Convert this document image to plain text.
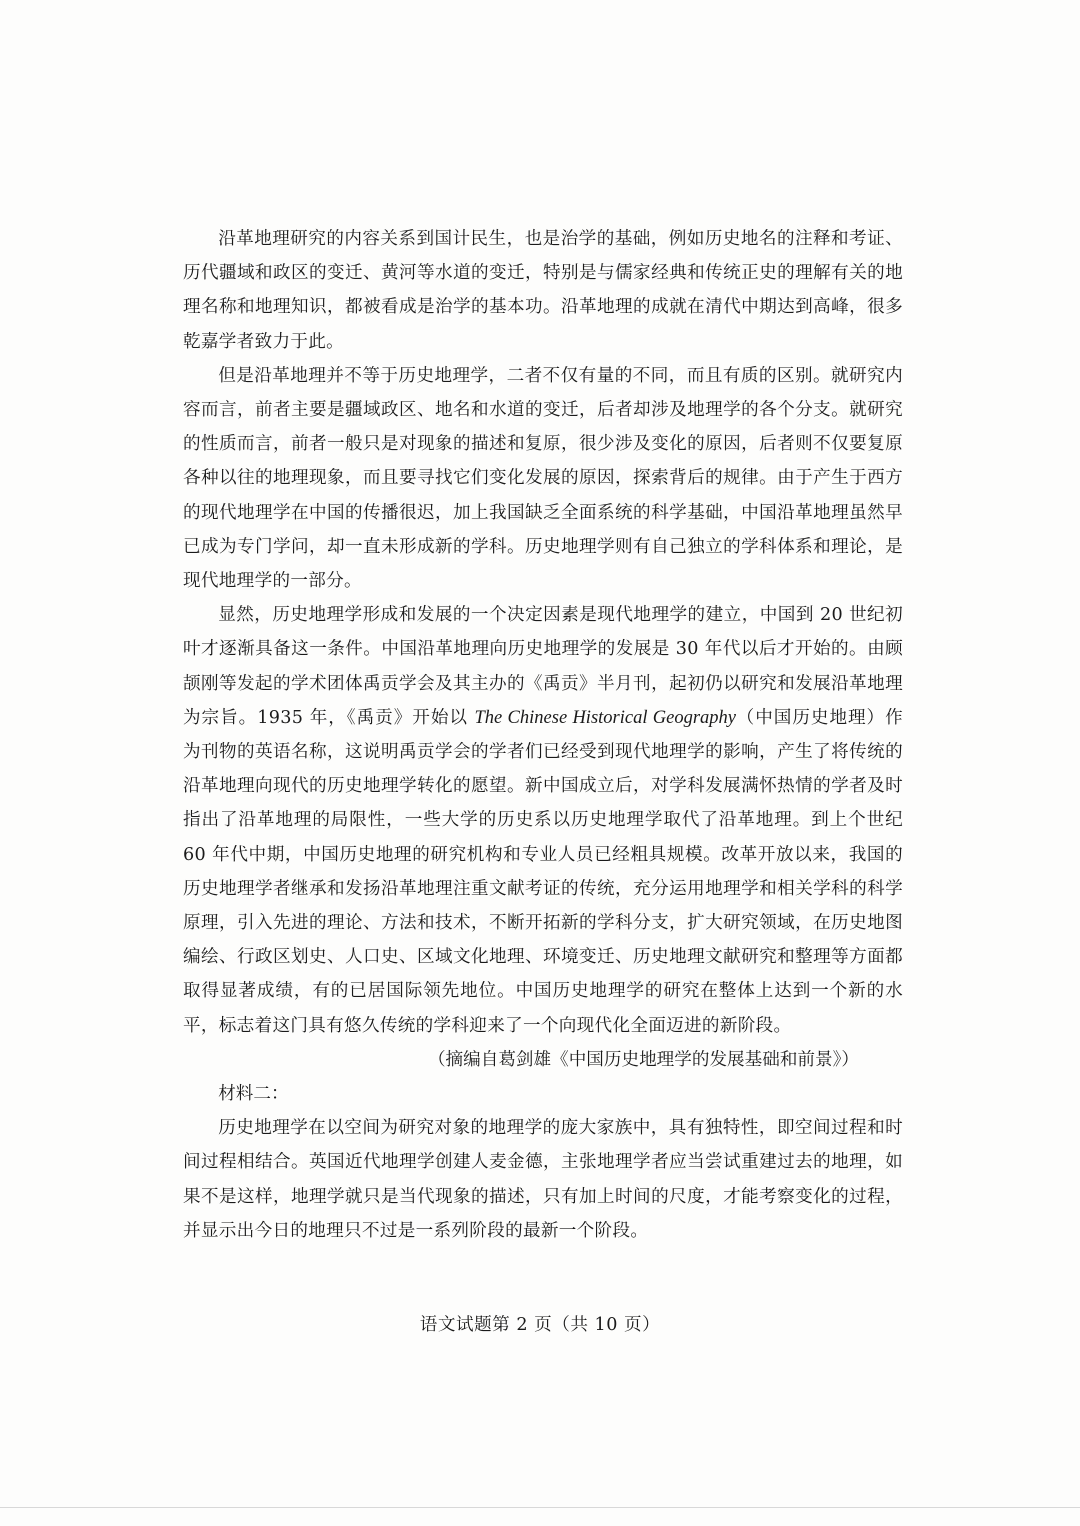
沿革地理研究的内容关系到国计民生，也是治学的基础，例如历史地名的注释和考证、历代疆域和政区的变迁、黄河等水道的变迁，特别是与儒家经典和传统正史的理解有关的地理名称和地理知识，都被看成是治学的基本功。沿革地理的成就在清代中期达到高峰，很多乾嘉学者致力于此。

但是沿革地理并不等于历史地理学，二者不仅有量的不同，而且有质的区别。就研究内容而言，前者主要是疆域政区、地名和水道的变迁，后者却涉及地理学的各个分支。就研究的性质而言，前者一般只是对现象的描述和复原，很少涉及变化的原因，后者则不仅要复原各种以往的地理现象，而且要寻找它们变化发展的原因，探索背后的规律。由于产生于西方的现代地理学在中国的传播很迟，加上我国缺乏全面系统的科学基础，中国沿革地理虽然早已成为专门学问，却一直未形成新的学科。历史地理学则有自己独立的学科体系和理论，是现代地理学的一部分。

显然，历史地理学形成和发展的一个决定因素是现代地理学的建立，中国到 20 世纪初叶才逐渐具备这一条件。中国沿革地理向历史地理学的发展是 30 年代以后才开始的。由顾颉刚等发起的学术团体禹贡学会及其主办的《禹贡》半月刊，起初仍以研究和发展沿革地理为宗旨。1935 年，《禹贡》开始以 The Chinese Historical Geography（中国历史地理）作为刊物的英语名称，这说明禹贡学会的学者们已经受到现代地理学的影响，产生了将传统的沿革地理向现代的历史地理学转化的愿望。新中国成立后，对学科发展满怀热情的学者及时指出了沿革地理的局限性，一些大学的历史系以历史地理学取代了沿革地理。到上个世纪 60 年代中期，中国历史地理的研究机构和专业人员已经粗具规模。改革开放以来，我国的历史地理学者继承和发扬沿革地理注重文献考证的传统，充分运用地理学和相关学科的科学原理，引入先进的理论、方法和技术，不断开拓新的学科分支，扩大研究领域，在历史地图编绘、行政区划史、人口史、区域文化地理、环境变迁、历史地理文献研究和整理等方面都取得显著成绩，有的已居国际领先地位。中国历史地理学的研究在整体上达到一个新的水平，标志着这门具有悠久传统的学科迎来了一个向现代化全面迈进的新阶段。

（摘编自葛剑雄《中国历史地理学的发展基础和前景》）

材料二：

历史地理学在以空间为研究对象的地理学的庞大家族中，具有独特性，即空间过程和时间过程相结合。英国近代地理学创建人麦金德，主张地理学者应当尝试重建过去的地理，如果不是这样，地理学就只是当代现象的描述，只有加上时间的尺度，才能考察变化的过程，并显示出今日的地理只不过是一系列阶段的最新一个阶段。

语文试题第 2 页（共 10 页）
